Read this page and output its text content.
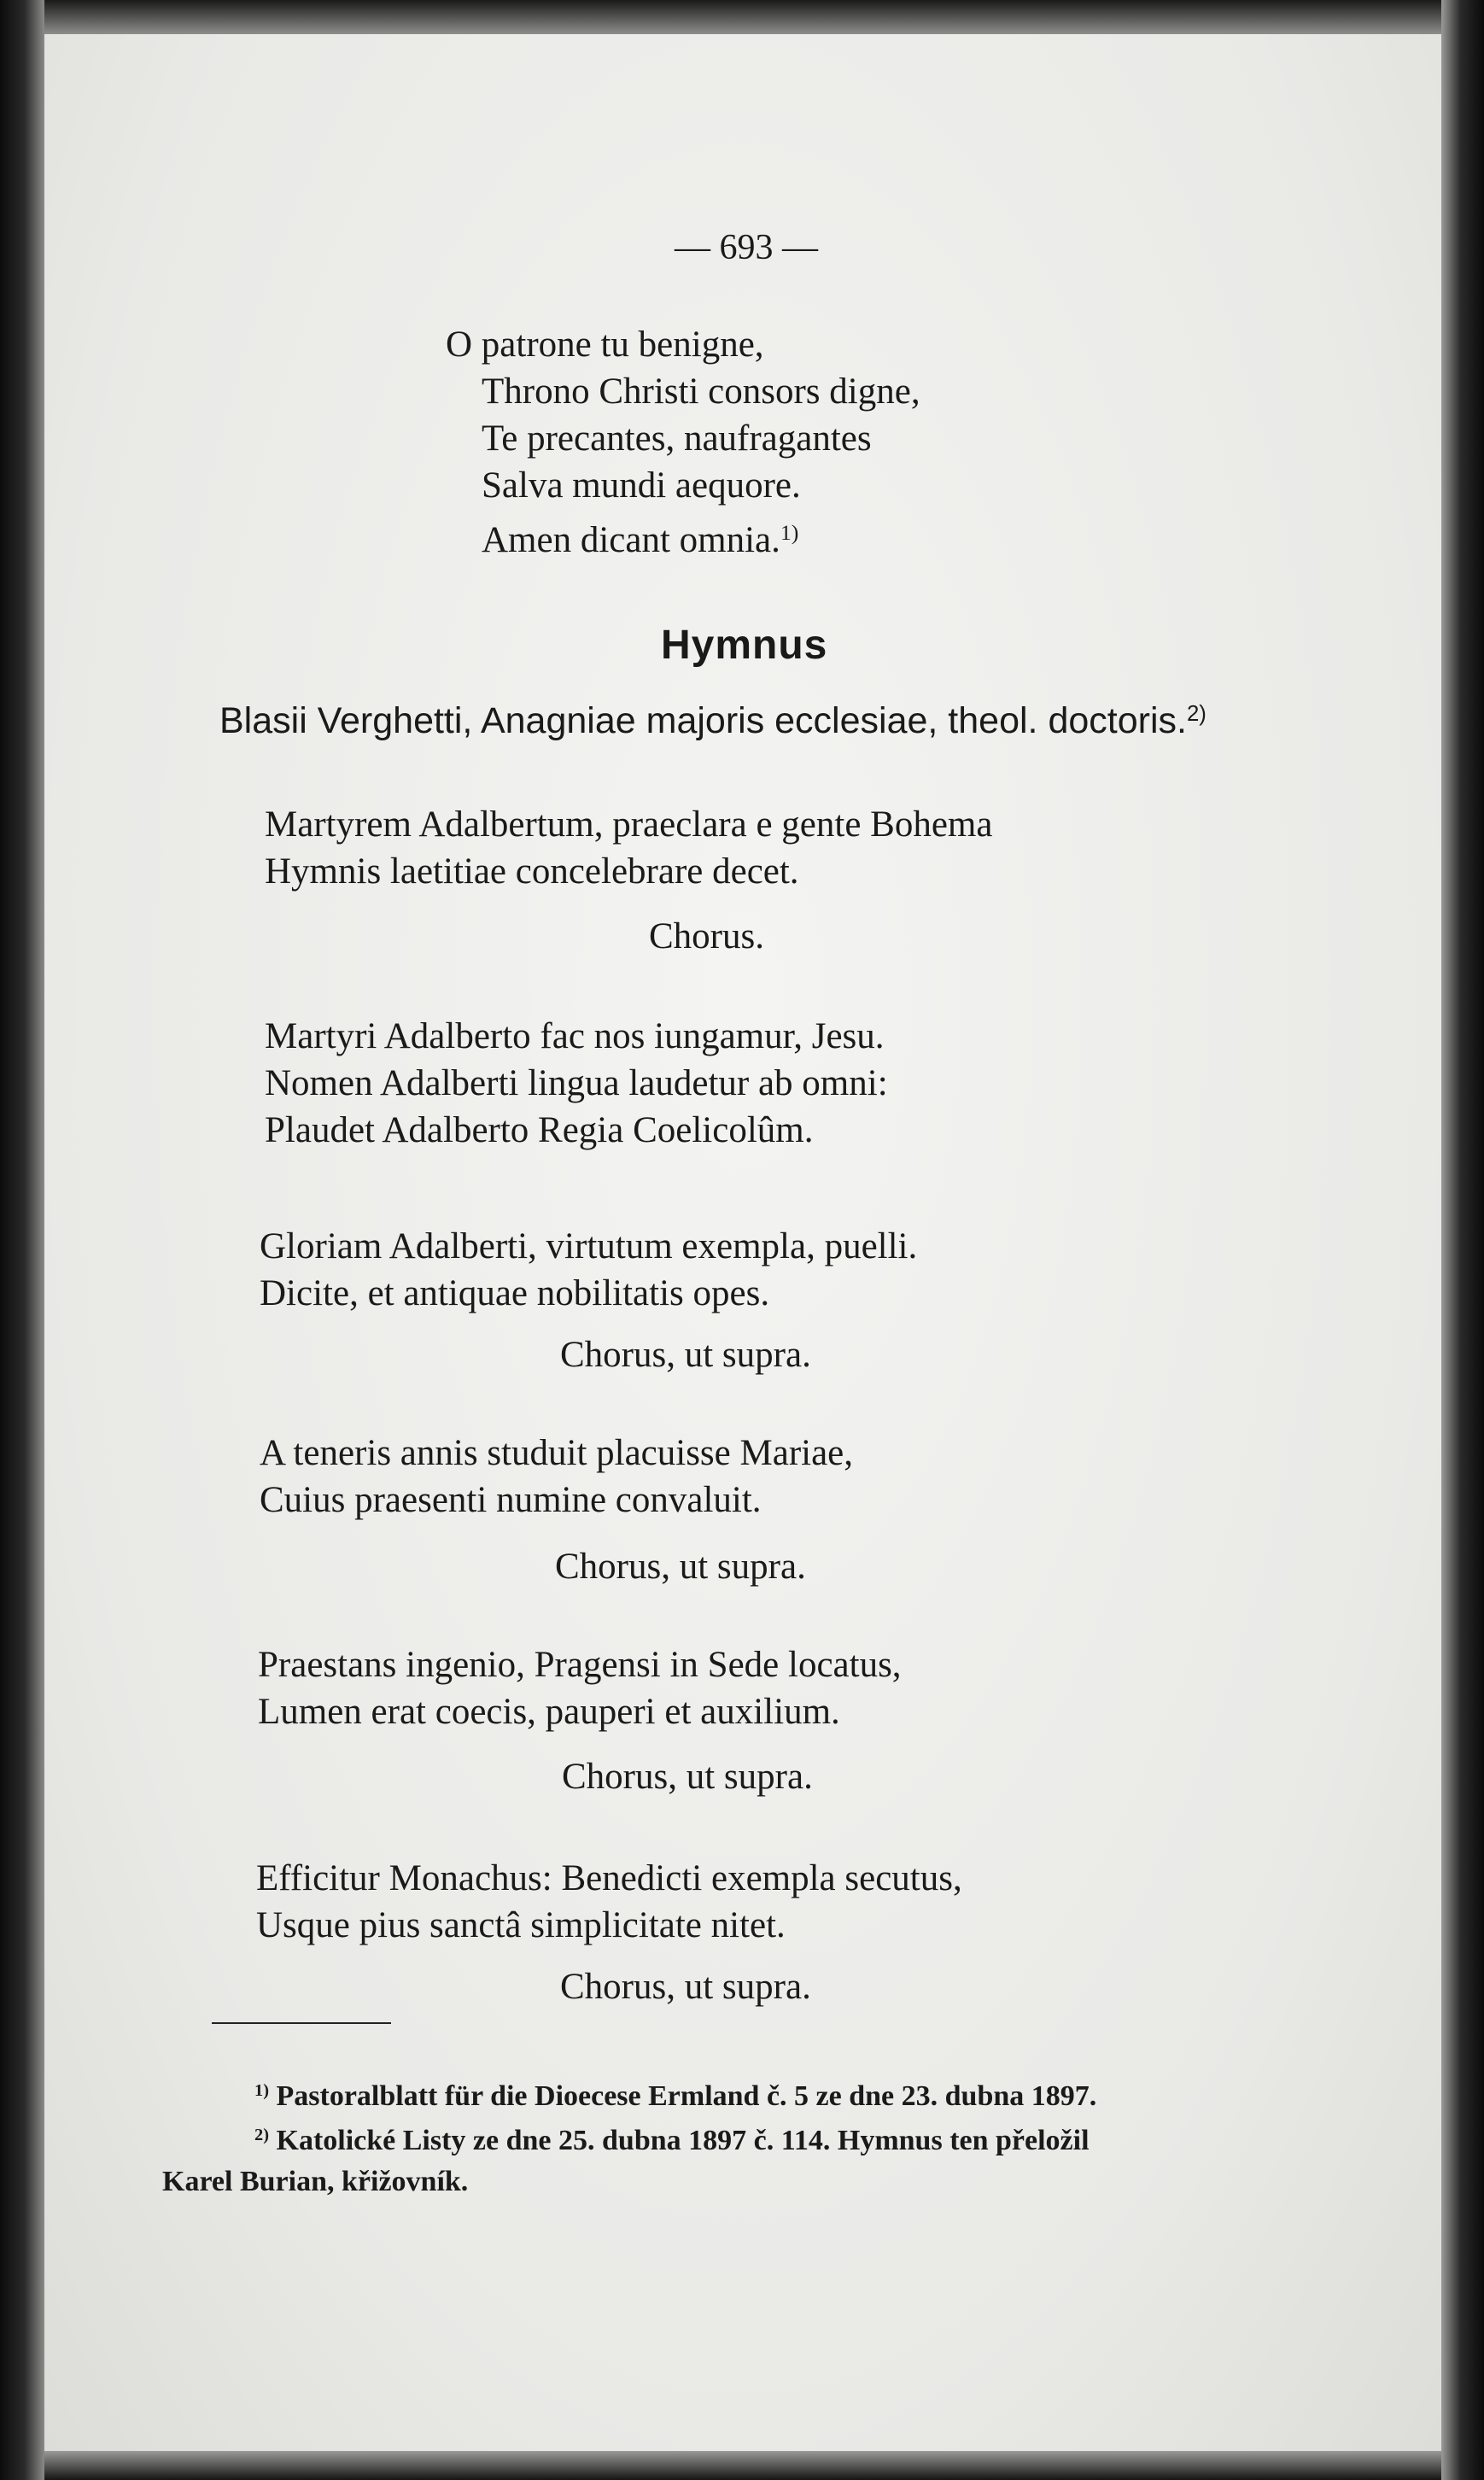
— 693 —
O patrone tu benigne,
Throno Christi consors digne,
Te precantes, naufragantes
Salva mundi aequore.
Amen dicant omnia.$^{1)}$
Hymnus
Blasii Verghetti, Anagniae majoris ecclesiae, theol. doctoris.$^{2)}$
Martyrem Adalbertum, praeclara e gente Bohema
Hymnis laetitiae concelebrare decet.
Chorus.
Martyri Adalberto fac nos iungamur, Jesu.
Nomen Adalberti lingua laudetur ab omni:
Plaudet Adalberto Regia Coelicolûm.
Gloriam Adalberti, virtutum exempla, puelli.
Dicite, et antiquae nobilitatis opes.
Chorus, ut supra.
A teneris annis studuit placuisse Mariae,
Cuius praesenti numine convaluit.
Chorus, ut supra.
Praestans ingenio, Pragensi in Sede locatus,
Lumen erat coecis, pauperi et auxilium.
Chorus, ut supra.
Efficitur Monachus: Benedicti exempla secutus,
Usque pius sanctâ simplicitate nitet.
Chorus, ut supra.
$^{1)}$ Pastoralblatt für die Dioecese Ermland č. 5 ze dne 23. dubna 1897.
$^{2)}$ Katolické Listy ze dne 25. dubna 1897 č. 114. Hymnus ten přeložil
Karel Burian, křižovník.
